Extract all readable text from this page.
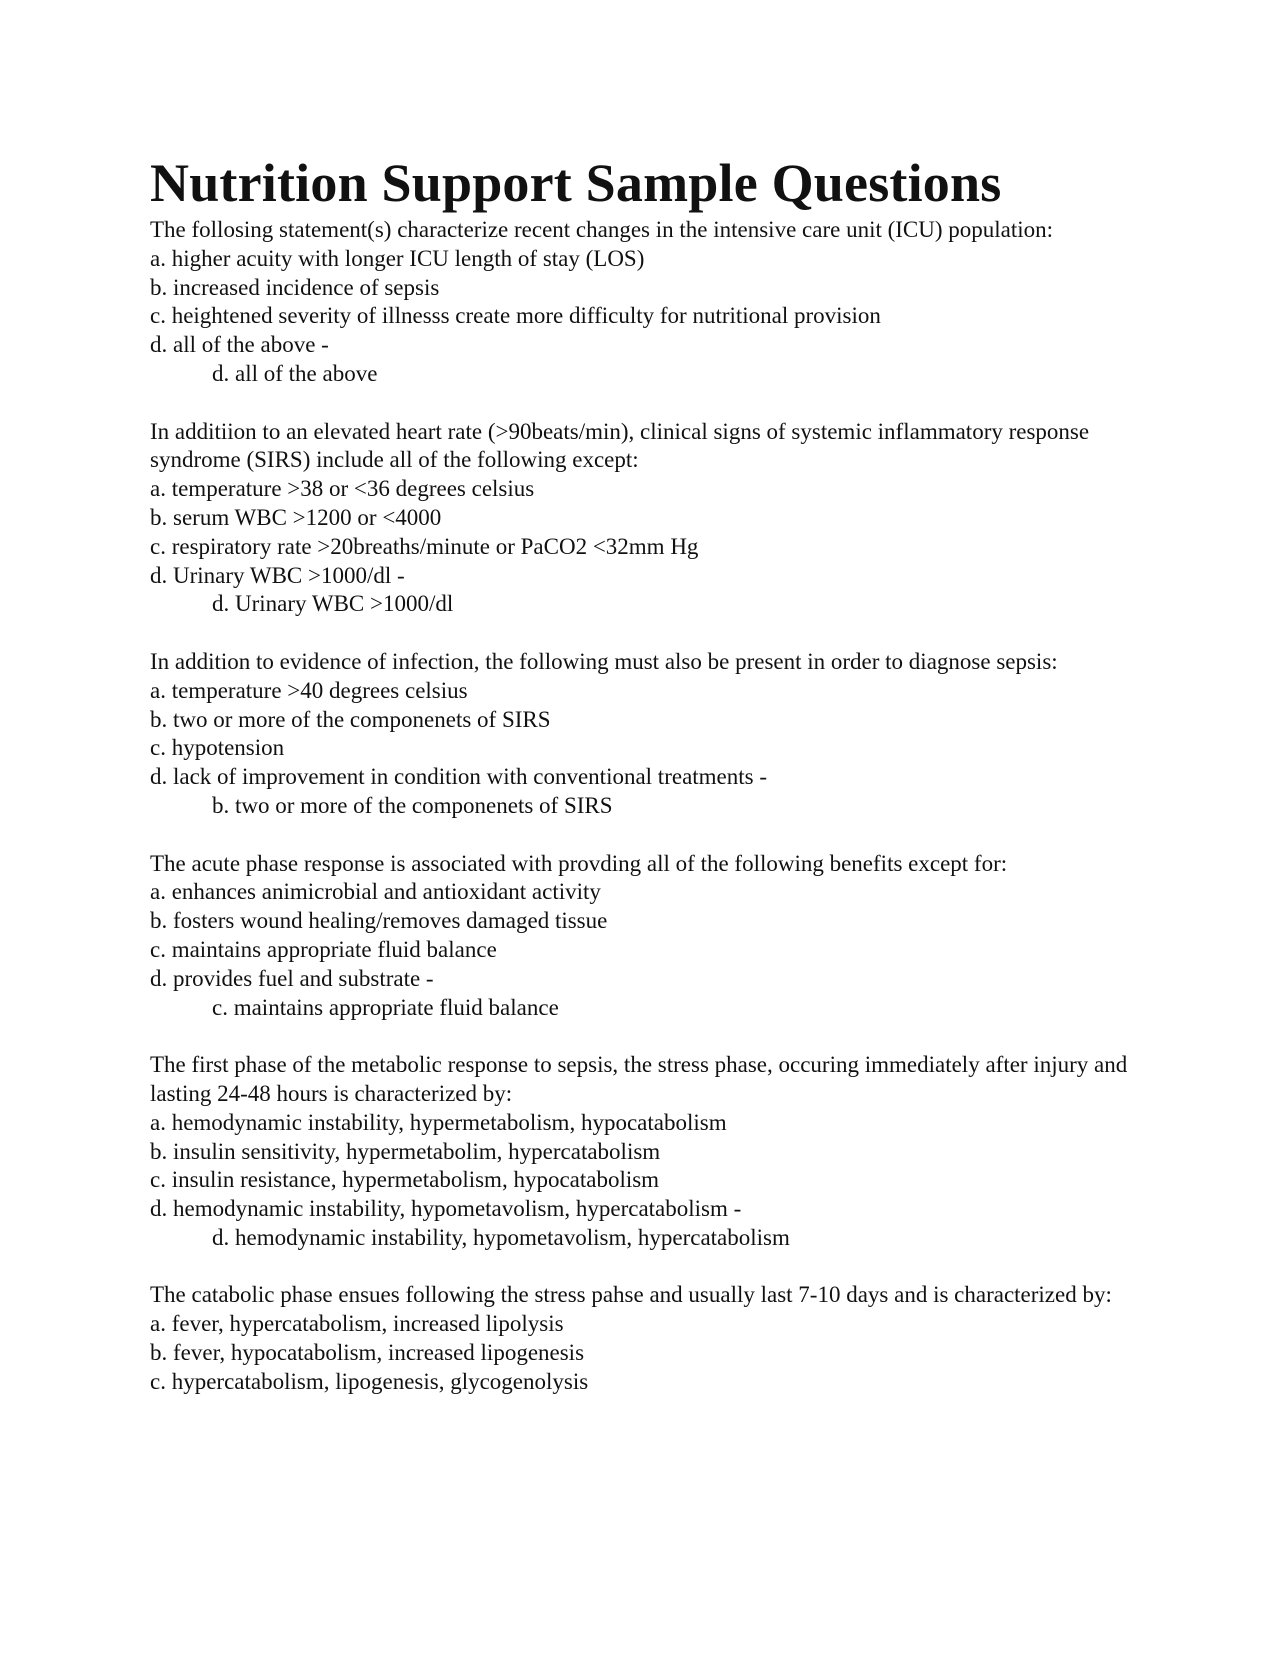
Nutrition Support Sample Questions
The follosing statement(s) characterize recent changes in the intensive care unit (ICU) population:
a. higher acuity with longer ICU length of stay (LOS)
b. increased incidence of sepsis
c. heightened severity of illnesss create more difficulty for nutritional provision
d. all of the above -
d. all of the above
In additiion to an elevated heart rate (>90beats/min), clinical signs of systemic inflammatory response syndrome (SIRS) include all of the following except:
a. temperature >38 or <36 degrees celsius
b. serum WBC >1200 or <4000
c. respiratory rate >20breaths/minute or PaCO2 <32mm Hg
d. Urinary WBC >1000/dl -
d. Urinary WBC >1000/dl
In addition to evidence of infection, the following must also be present in order to diagnose sepsis:
a. temperature >40 degrees celsius
b. two or more of the componenets of SIRS
c. hypotension
d. lack of improvement in condition with conventional treatments -
b. two or more of the componenets of SIRS
The acute phase response is associated with provding all of the following benefits except for:
a. enhances animicrobial and antioxidant activity
b. fosters wound healing/removes damaged tissue
c. maintains appropriate fluid balance
d. provides fuel and substrate -
c. maintains appropriate fluid balance
The first phase of the metabolic response to sepsis, the stress phase, occuring immediately after injury and lasting 24-48 hours is characterized by:
a. hemodynamic instability, hypermetabolism, hypocatabolism
b. insulin sensitivity, hypermetabolim, hypercatabolism
c. insulin resistance, hypermetabolism, hypocatabolism
d. hemodynamic instability, hypometavolism, hypercatabolism -
d. hemodynamic instability, hypometavolism, hypercatabolism
The catabolic phase ensues following the stress pahse and usually last 7-10 days and is characterized by:
a. fever, hypercatabolism, increased lipolysis
b. fever, hypocatabolism, increased lipogenesis
c. hypercatabolism, lipogenesis, glycogenolysis
